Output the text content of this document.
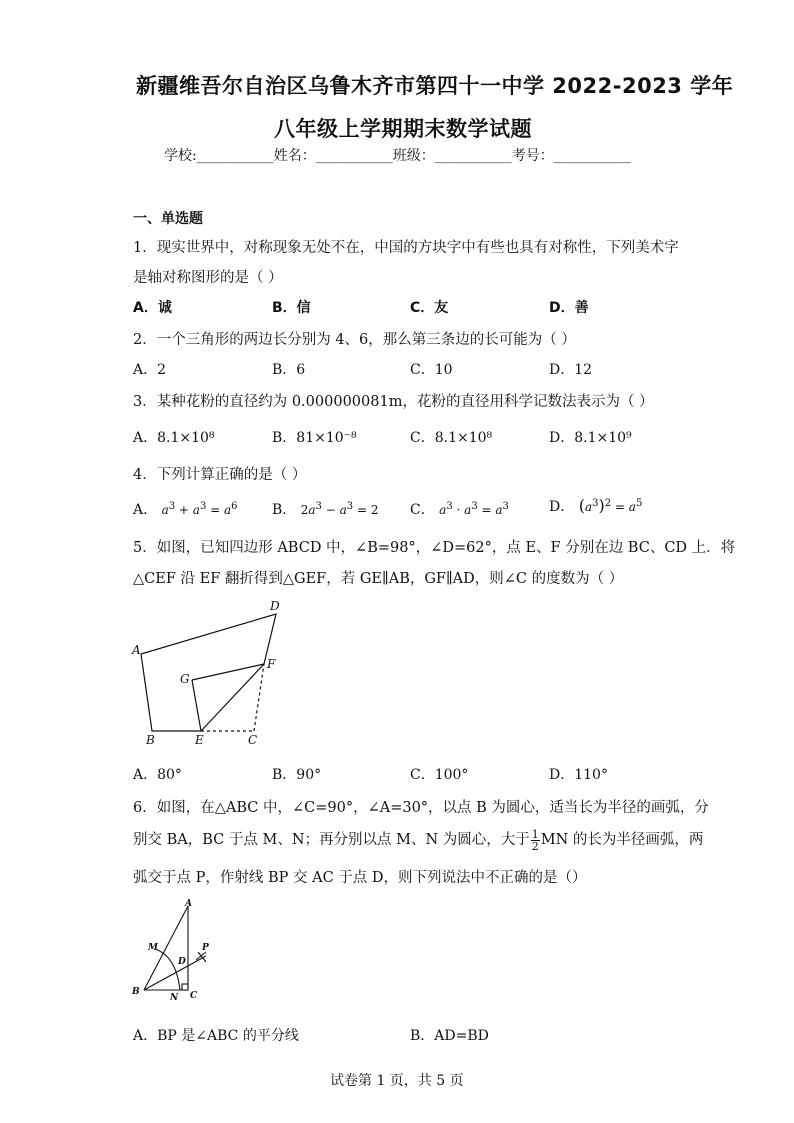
新疆维吾尔自治区乌鲁木齐市第四十一中学 2022-2023 学年
八年级上学期期末数学试题
学校:___________姓名：___________班级：___________考号：___________
一、单选题
1．现实世界中，对称现象无处不在，中国的方块字中有些也具有对称性，下列美术字
是轴对称图形的是（ ）
A．诚	B．信	C．友	D．善
2．一个三角形的两边长分别为 4、6，那么第三条边的长可能为（ ）
A．2	B．6	C．10	D．12
3．某种花粉的直径约为 0.000000081m，花粉的直径用科学记数法表示为（ ）
A．8.1×10⁸	B．81×10⁻⁸	C．8.1×10⁸	D．8.1×10⁹
4．下列计算正确的是（ ）
A． $a^3 + a^3 = a^6$ B． $2a^3 - a^3 = 2$ C． $a^3 \cdot a^3 = a^3$	D． $(a^3)^2 = a^5$
5．如图，已知四边形 ABCD 中，∠B=98°，∠D=62°，点 E、F 分别在边 BC、CD 上．将
△CEF 沿 EF 翻折得到△GEF，若 GE∥AB，GF∥AD，则∠C 的度数为（ ）
A
B	E	C
D
F
G
A．80°	B．90°	C．100°	D．110°
6．如图，在△ABC 中，∠C=90°，∠A=30°，以点 B 为圆心，适当长为半径的画弧，分
别交 BA，BC 于点 M、N；再分别以点 M、N 为圆心，大于 $\frac{1}{2}$ MN 的长为半径画弧，两
弧交于点 P，作射线 BP 交 AC 于点 D，则下列说法中不正确的是（）
A
B	C
D
M
N
P
A．BP 是∠ABC 的平分线	B．AD=BD
试卷第 1 页，共 5 页
